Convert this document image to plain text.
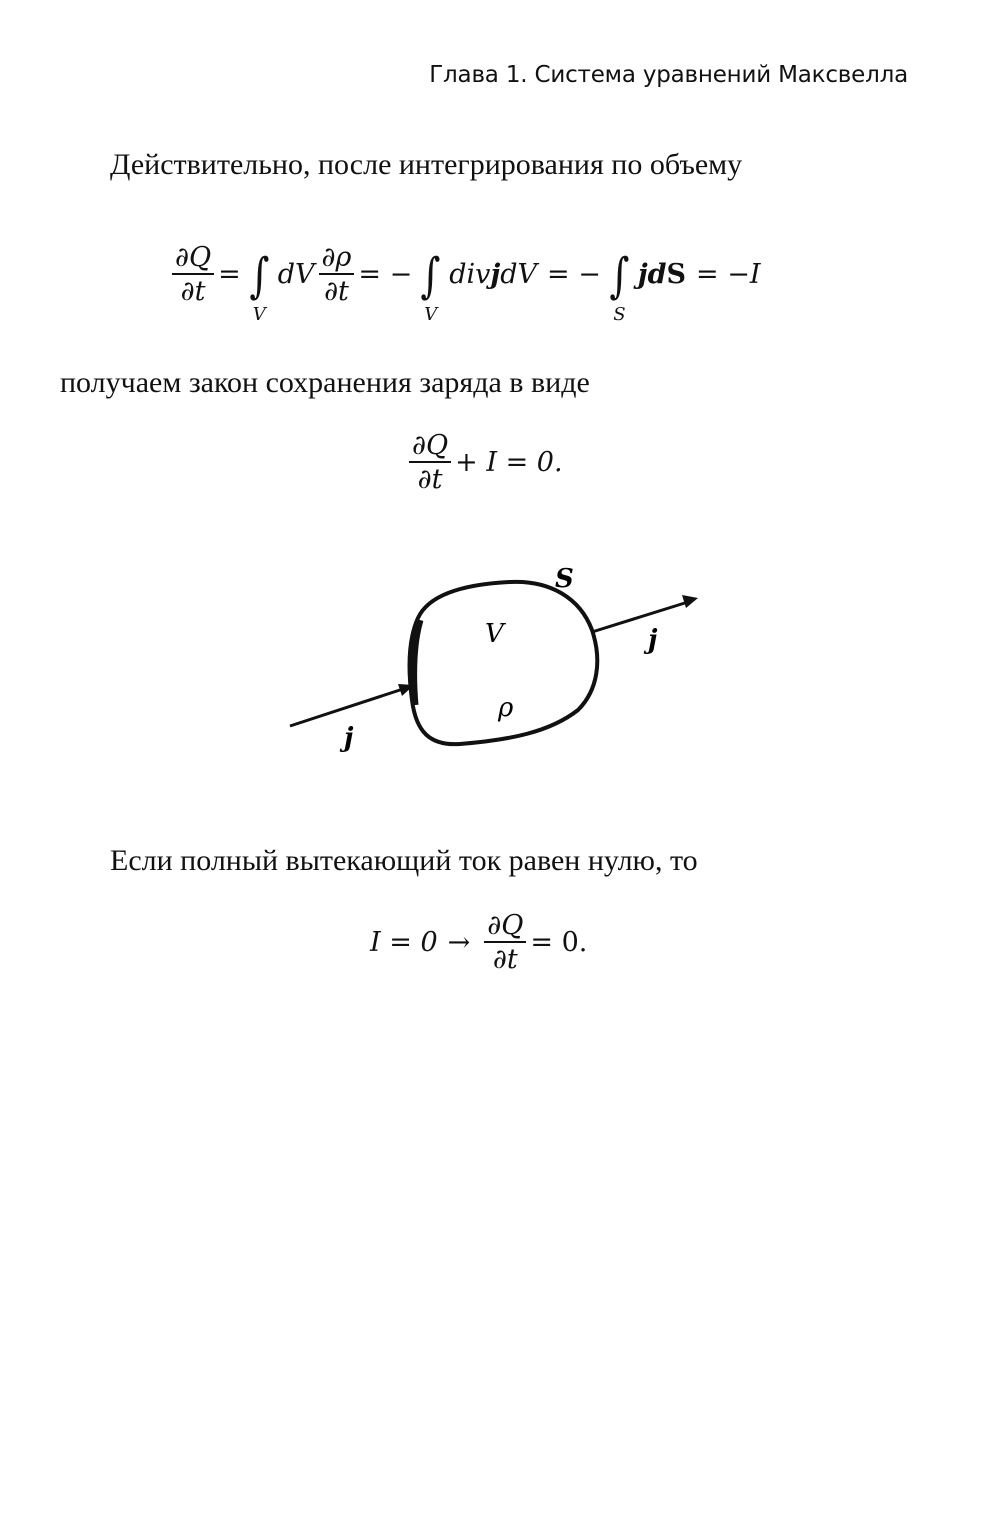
Глава 1. Система уравнений Максвелла
Действительно, после интегрирования по объему
$\frac{\partial Q}{\partial t}$ = ∫
V
dV $\frac{\partial\rho}{\partial t}$ = − ∫
V
div j dV = − ∫
S
jd S = −I
получаем закон сохранения заряда в виде
$\frac{\partial Q}{\partial t} + I = 0$.
S
V
ρ
j
j
Если полный вытекающий ток равен нулю, то
$I = 0 \to \frac{\partial Q}{\partial t} = 0$.
